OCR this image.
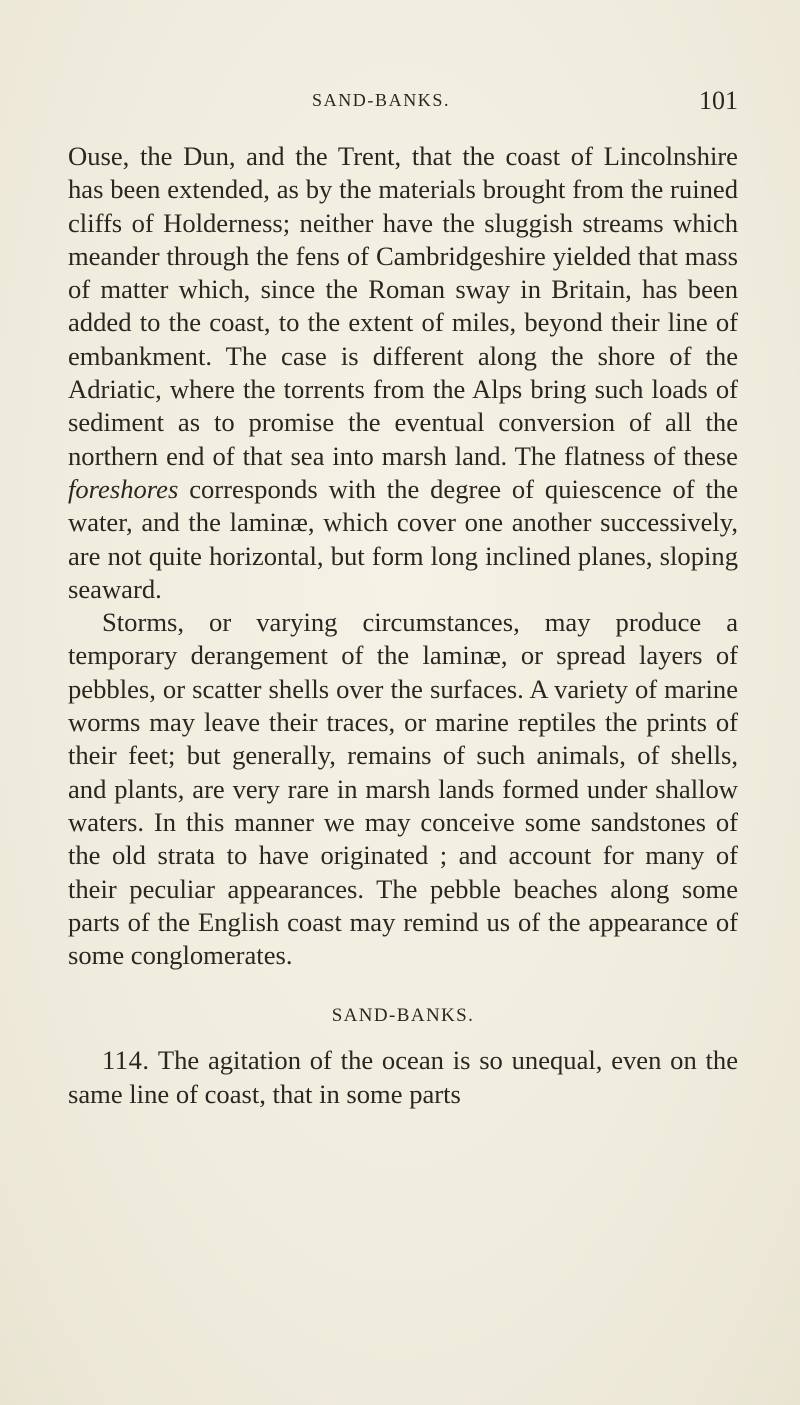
SAND-BANKS.	101

Ouse, the Dun, and the Trent, that the coast of Lincolnshire has been extended, as by the materials brought from the ruined cliffs of Holderness; neither have the sluggish streams which meander through the fens of Cambridgeshire yielded that mass of matter which, since the Roman sway in Britain, has been added to the coast, to the extent of miles, beyond their line of embankment. The case is different along the shore of the Adriatic, where the torrents from the Alps bring such loads of sediment as to promise the eventual conversion of all the northern end of that sea into marsh land. The flatness of these foreshores corresponds with the degree of quiescence of the water, and the laminæ, which cover one another successively, are not quite horizontal, but form long inclined planes, sloping seaward.

Storms, or varying circumstances, may produce a temporary derangement of the laminæ, or spread layers of pebbles, or scatter shells over the surfaces. A variety of marine worms may leave their traces, or marine reptiles the prints of their feet; but generally, remains of such animals, of shells, and plants, are very rare in marsh lands formed under shallow waters. In this manner we may conceive some sandstones of the old strata to have originated ; and account for many of their peculiar appearances. The pebble beaches along some parts of the English coast may remind us of the appearance of some conglomerates.

SAND-BANKS.

114. The agitation of the ocean is so unequal, even on the same line of coast, that in some parts
